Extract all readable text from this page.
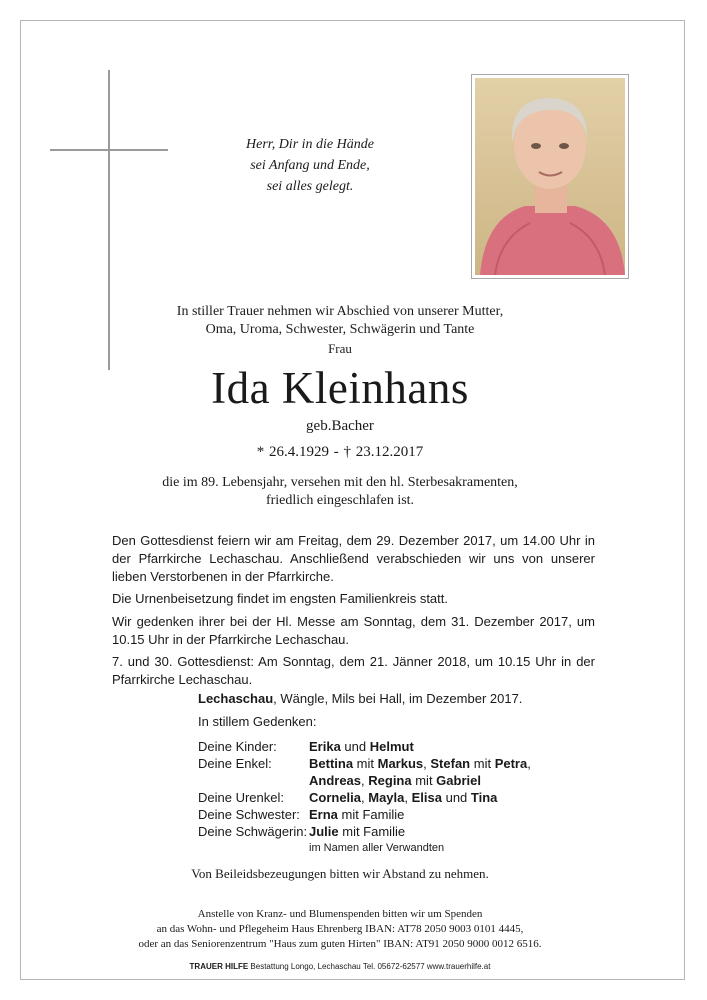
Herr, Dir in die Hände
sei Anfang und Ende,
sei alles gelegt.
In stiller Trauer nehmen wir Abschied von unserer Mutter,
Oma, Uroma, Schwester, Schwägerin und Tante
Frau
Ida Kleinhans
geb.Bacher
* 26.4.1929 - † 23.12.2017
die im 89. Lebensjahr, versehen mit den hl. Sterbesakramenten,
friedlich eingeschlafen ist.
Den Gottesdienst feiern wir am Freitag, dem 29. Dezember 2017, um 14.00 Uhr in der Pfarrkirche Lechaschau. Anschließend verabschieden wir uns von unserer lieben Verstorbenen in der Pfarrkirche.
Die Urnenbeisetzung findet im engsten Familienkreis statt.
Wir gedenken ihrer bei der Hl. Messe am Sonntag, dem 31. Dezember 2017, um 10.15 Uhr in der Pfarrkirche Lechaschau.
7. und 30. Gottesdienst: Am Sonntag, dem 21. Jänner 2018, um 10.15 Uhr in der Pfarrkirche Lechaschau.
Lechaschau, Wängle, Mils bei Hall, im Dezember 2017.
In stillem Gedenken:
Deine Kinder:	Erika und Helmut
Deine Enkel:	Bettina mit Markus, Stefan mit Petra,
Andreas, Regina mit Gabriel
Deine Urenkel:	Cornelia, Mayla, Elisa und Tina
Deine Schwester: Erna mit Familie
Deine Schwägerin: Julie mit Familie
im Namen aller Verwandten
Von Beileidsbezeugungen bitten wir Abstand zu nehmen.
Anstelle von Kranz- und Blumenspenden bitten wir um Spenden
an das Wohn- und Pflegeheim Haus Ehrenberg IBAN: AT78 2050 9003 0101 4445,
oder an das Seniorenzentrum "Haus zum guten Hirten" IBAN: AT91 2050 9000 0012 6516.
TRAUER HILFE Bestattung Longo, Lechaschau Tel. 05672-62577 www.trauerhilfe.at
